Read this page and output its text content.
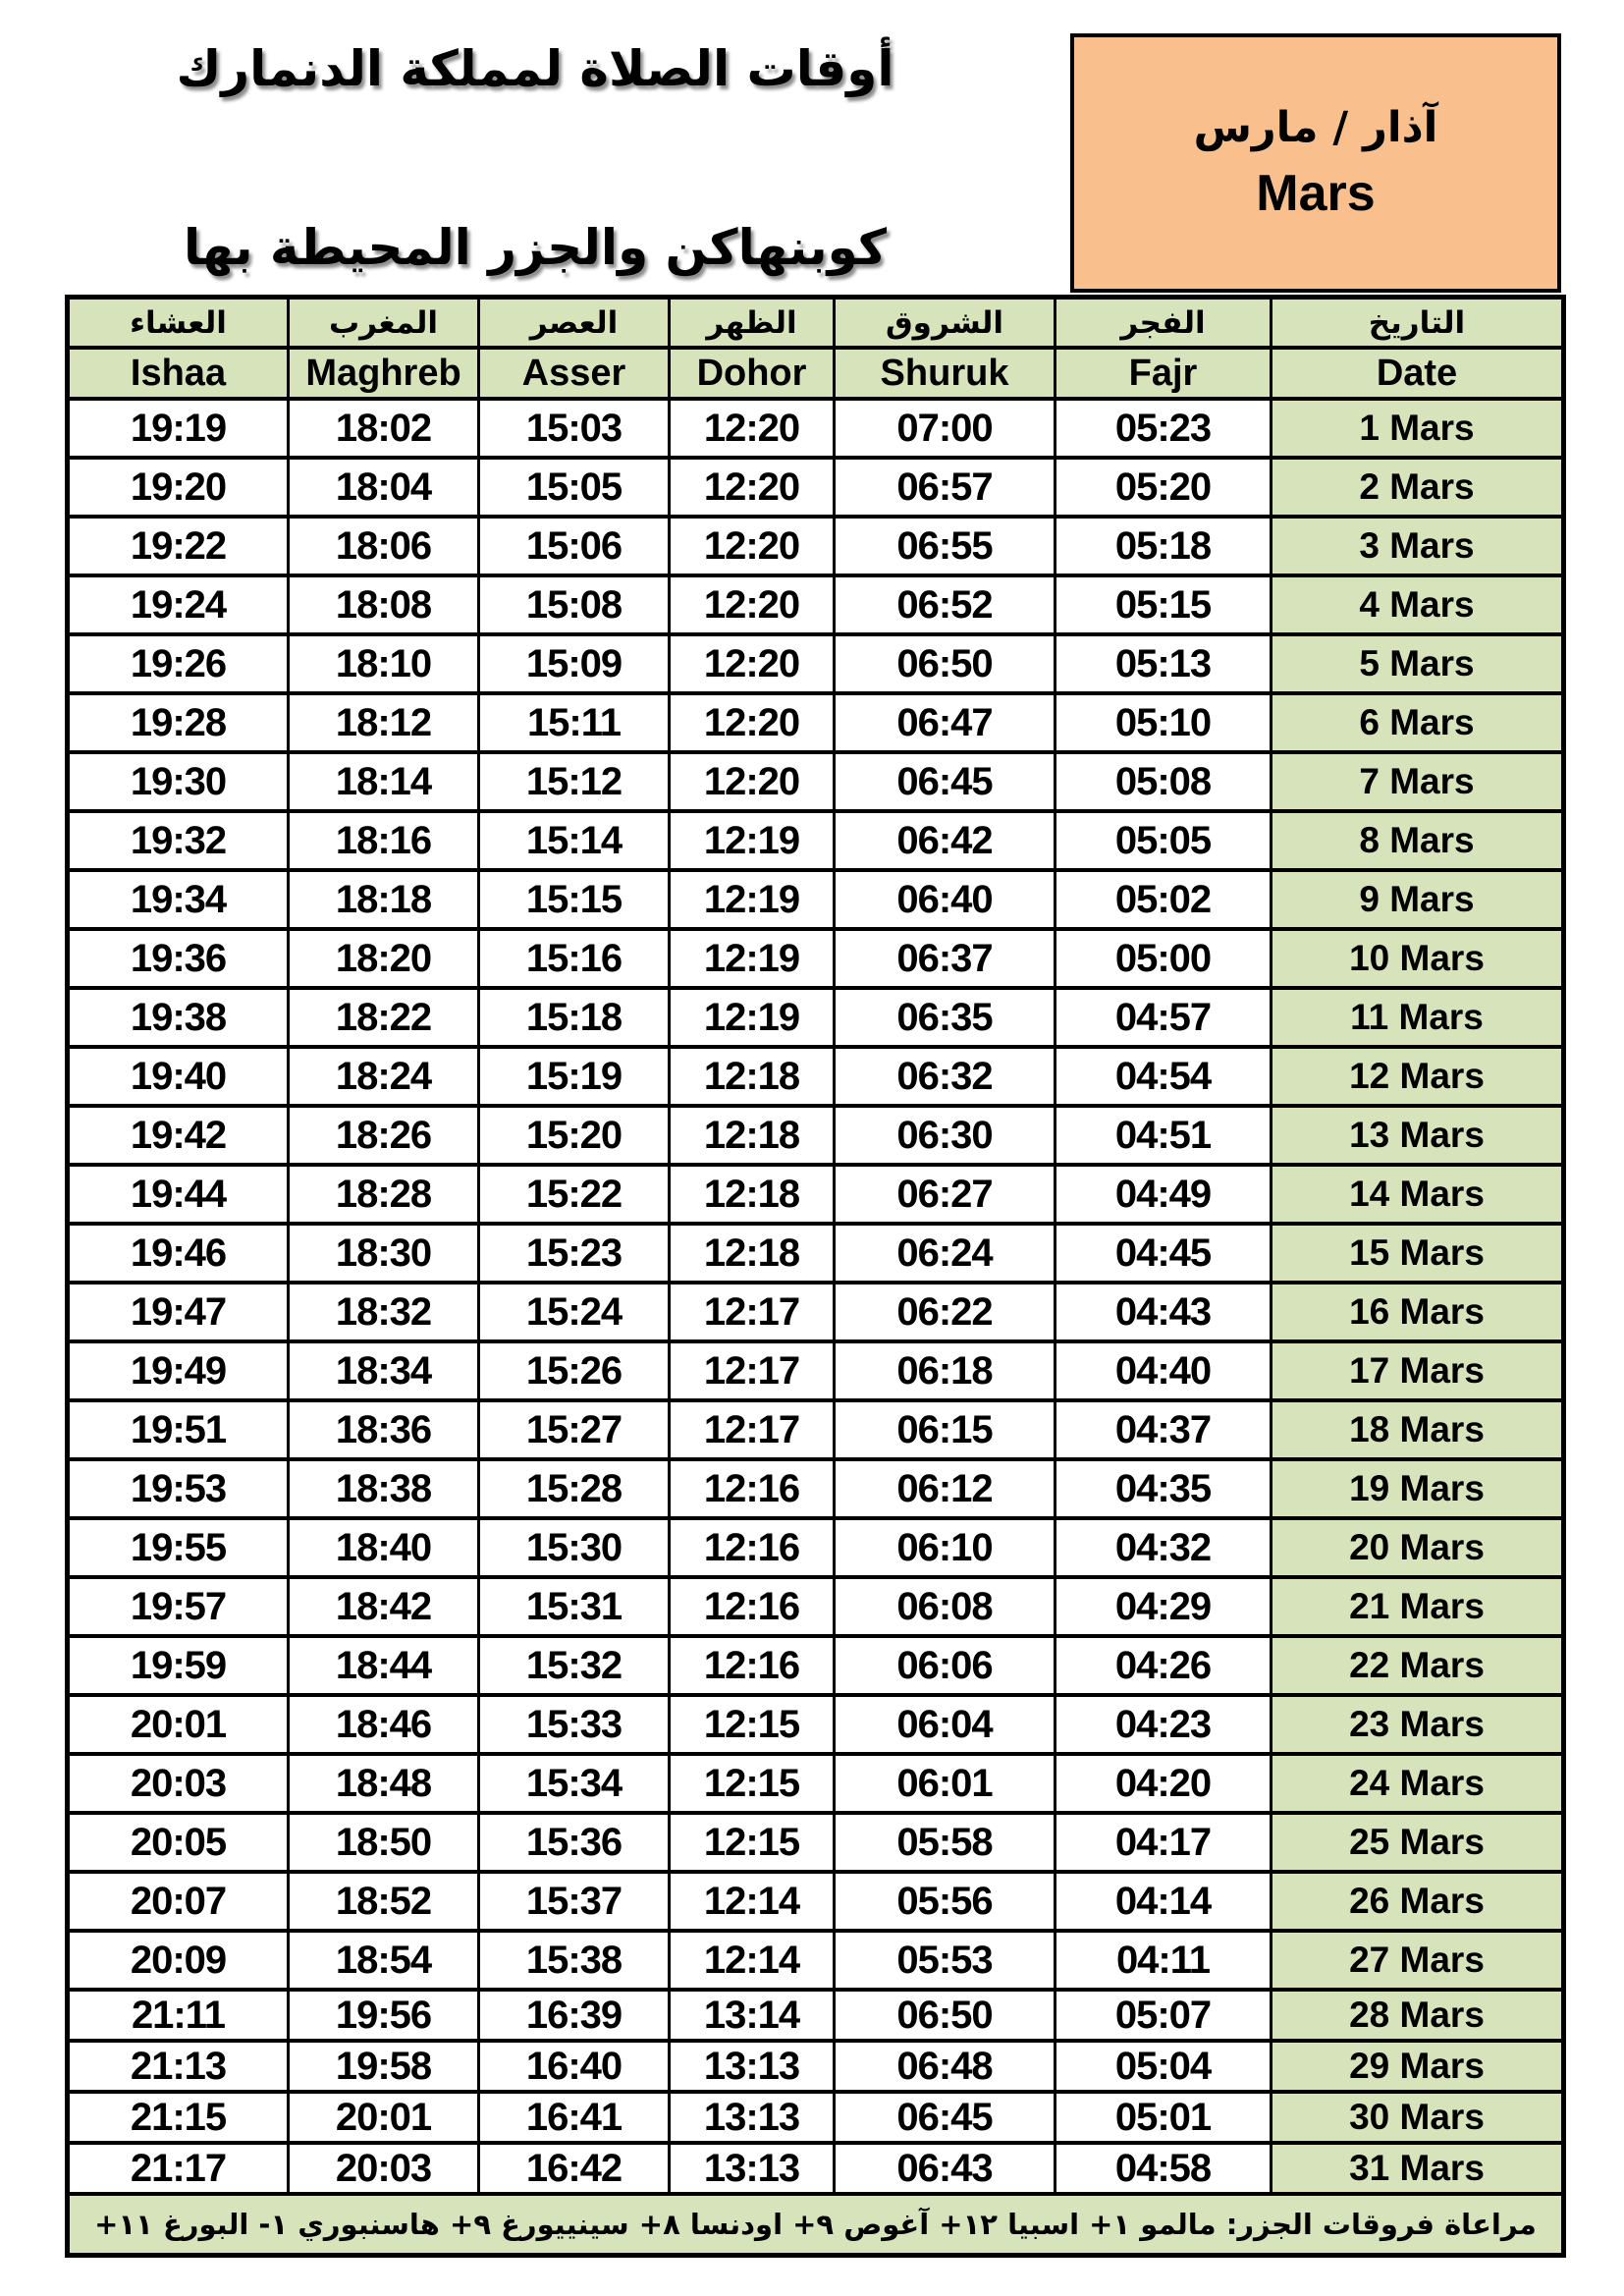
أوقات الصلاة لمملكة الدنمارك
كوبنهاكن والجزر المحيطة بها
آذار / مارس
Mars
العشاء	المغرب	العصر	الظهر	الشروق	الفجر	التاريخ
Ishaa	Maghreb	Asser	Dohor	Shuruk	Fajr	Date
19:19	18:02	15:03	12:20	07:00	05:23	1 Mars
19:20	18:04	15:05	12:20	06:57	05:20	2 Mars
19:22	18:06	15:06	12:20	06:55	05:18	3 Mars
19:24	18:08	15:08	12:20	06:52	05:15	4 Mars
19:26	18:10	15:09	12:20	06:50	05:13	5 Mars
19:28	18:12	15:11	12:20	06:47	05:10	6 Mars
19:30	18:14	15:12	12:20	06:45	05:08	7 Mars
19:32	18:16	15:14	12:19	06:42	05:05	8 Mars
19:34	18:18	15:15	12:19	06:40	05:02	9 Mars
19:36	18:20	15:16	12:19	06:37	05:00	10 Mars
19:38	18:22	15:18	12:19	06:35	04:57	11 Mars
19:40	18:24	15:19	12:18	06:32	04:54	12 Mars
19:42	18:26	15:20	12:18	06:30	04:51	13 Mars
19:44	18:28	15:22	12:18	06:27	04:49	14 Mars
19:46	18:30	15:23	12:18	06:24	04:45	15 Mars
19:47	18:32	15:24	12:17	06:22	04:43	16 Mars
19:49	18:34	15:26	12:17	06:18	04:40	17 Mars
19:51	18:36	15:27	12:17	06:15	04:37	18 Mars
19:53	18:38	15:28	12:16	06:12	04:35	19 Mars
19:55	18:40	15:30	12:16	06:10	04:32	20 Mars
19:57	18:42	15:31	12:16	06:08	04:29	21 Mars
19:59	18:44	15:32	12:16	06:06	04:26	22 Mars
20:01	18:46	15:33	12:15	06:04	04:23	23 Mars
20:03	18:48	15:34	12:15	06:01	04:20	24 Mars
20:05	18:50	15:36	12:15	05:58	04:17	25 Mars
20:07	18:52	15:37	12:14	05:56	04:14	26 Mars
20:09	18:54	15:38	12:14	05:53	04:11	27 Mars
21:11	19:56	16:39	13:14	06:50	05:07	28 Mars
21:13	19:58	16:40	13:13	06:48	05:04	29 Mars
21:15	20:01	16:41	13:13	06:45	05:01	30 Mars
21:17	20:03	16:42	13:13	06:43	04:58	31 Mars
مراعاة فروقات الجزر: مالمو ١+ اسبيا ١٢+ آغوص ٩+ اودنسا ٨+ سينييورغ ٩+ هاسنبوري ١- البورغ ١١+						
